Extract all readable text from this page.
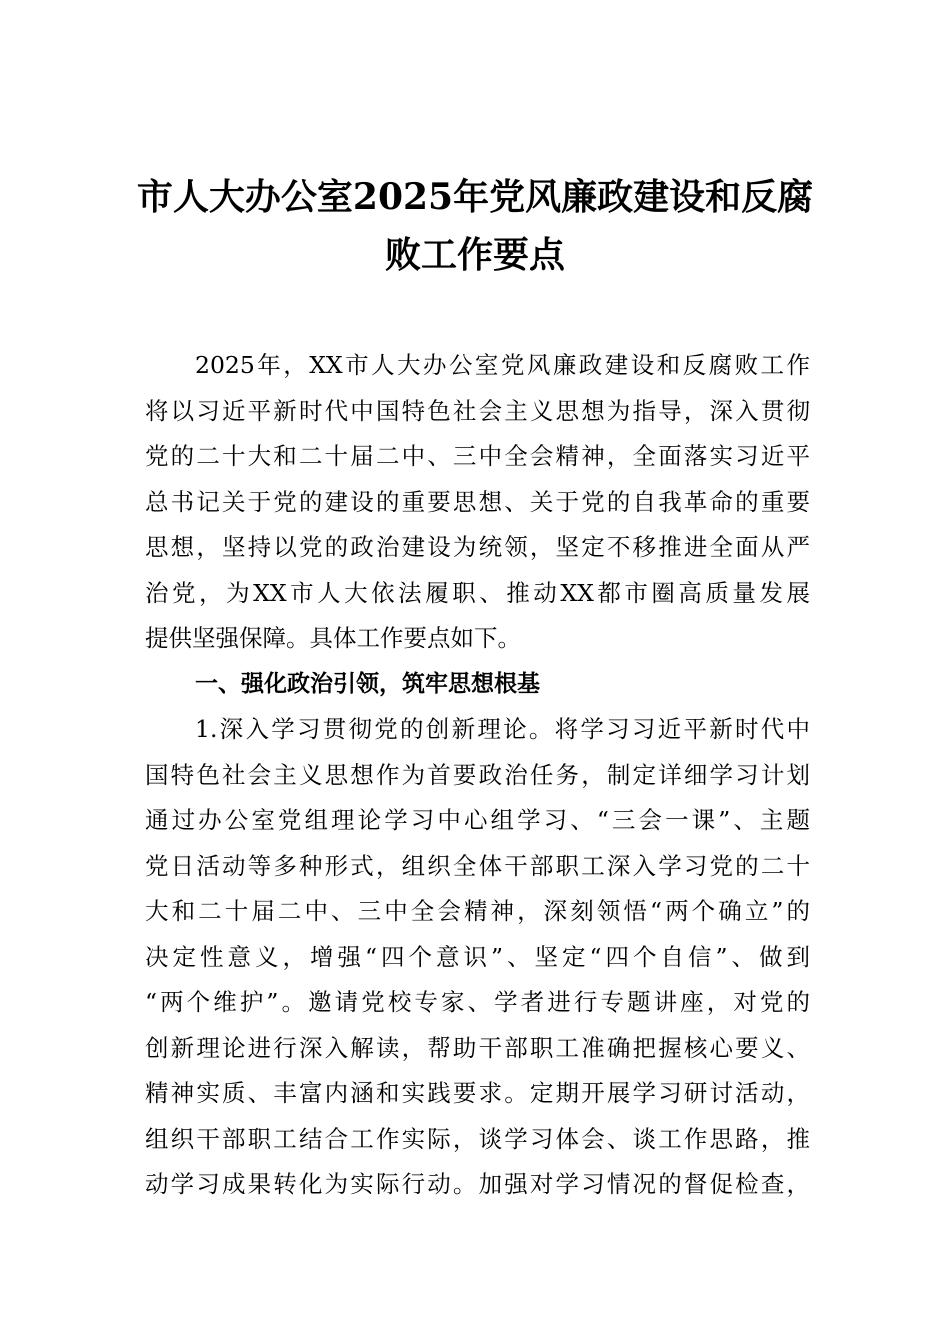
市人大办公室2025年党风廉政建设和反腐
败工作要点
2025年，XX市人大办公室党风廉政建设和反腐败工作
将以习近平新时代中国特色社会主义思想为指导，深入贯彻
党的二十大和二十届二中、三中全会精神，全面落实习近平
总书记关于党的建设的重要思想、关于党的自我革命的重要
思想，坚持以党的政治建设为统领，坚定不移推进全面从严
治党，为XX市人大依法履职、推动XX都市圈高质量发展
提供坚强保障。具体工作要点如下。
一、强化政治引领，筑牢思想根基
1.深入学习贯彻党的创新理论。将学习习近平新时代中
国特色社会主义思想作为首要政治任务，制定详细学习计划
通过办公室党组理论学习中心组学习、“三会一课”、主题
党日活动等多种形式，组织全体干部职工深入学习党的二十
大和二十届二中、三中全会精神，深刻领悟“两个确立”的
决定性意义，增强“四个意识”、坚定“四个自信”、做到
“两个维护”。邀请党校专家、学者进行专题讲座，对党的
创新理论进行深入解读，帮助干部职工准确把握核心要义、
精神实质、丰富内涵和实践要求。定期开展学习研讨活动，
组织干部职工结合工作实际，谈学习体会、谈工作思路，推
动学习成果转化为实际行动。加强对学习情况的督促检查，
